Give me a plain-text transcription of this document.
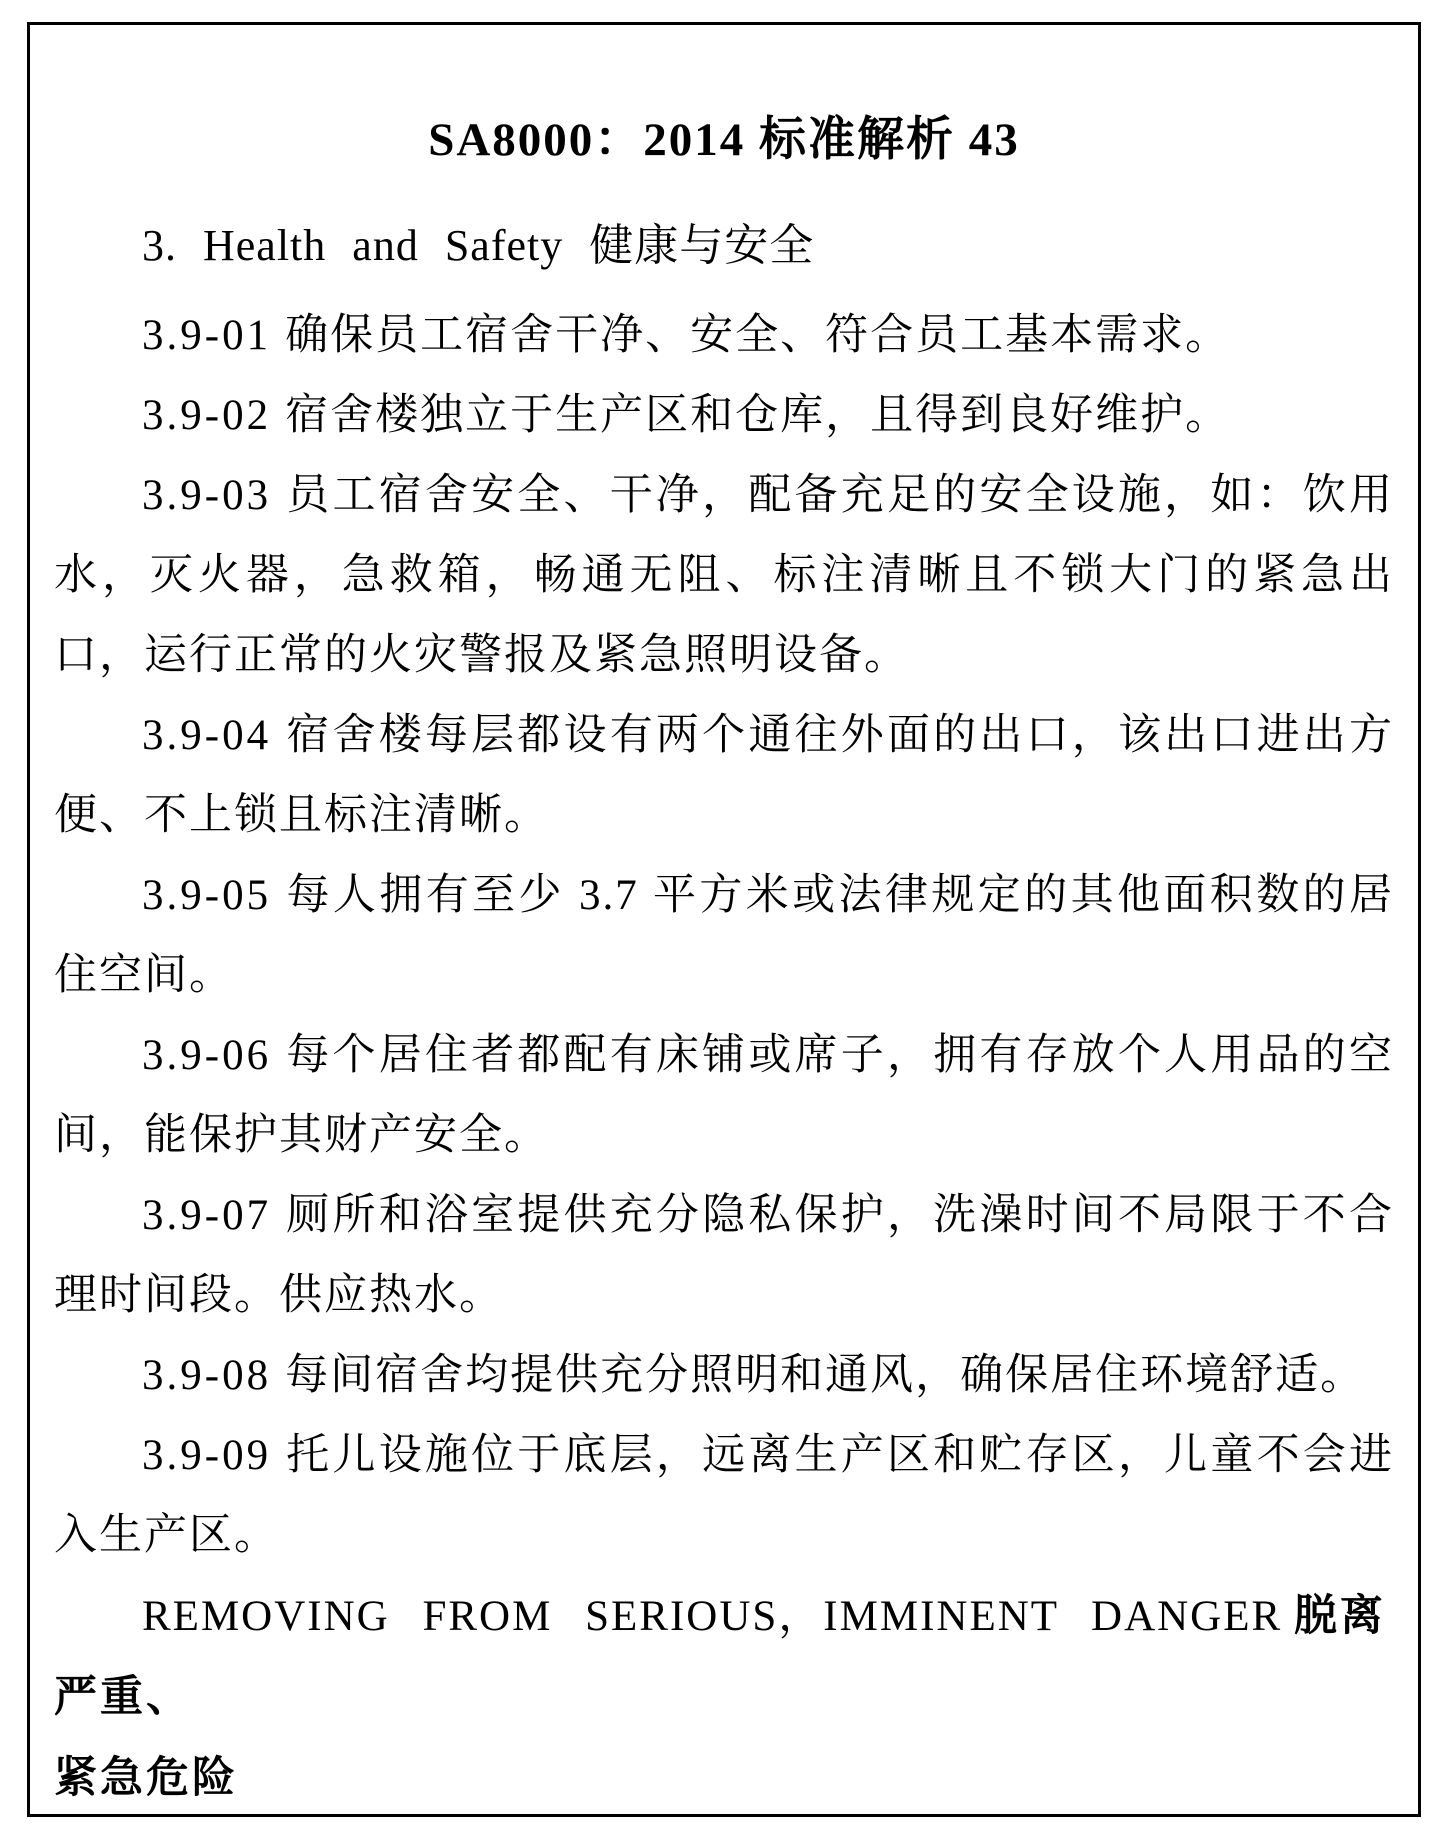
SA8000：2014 标准解析 43
3. Health and Safety 健康与安全

3.9-01 确保员工宿舍干净、安全、符合员工基本需求。

3.9-02 宿舍楼独立于生产区和仓库，且得到良好维护。

3.9-03 员工宿舍安全、干净，配备充足的安全设施，如：饮用水，灭火器，急救箱，畅通无阻、标注清晰且不锁大门的紧急出口，运行正常的火灾警报及紧急照明设备。

3.9-04 宿舍楼每层都设有两个通往外面的出口，该出口进出方便、不上锁且标注清晰。

3.9-05 每人拥有至少 3.7 平方米或法律规定的其他面积数的居住空间。

3.9-06 每个居住者都配有床铺或席子，拥有存放个人用品的空间，能保护其财产安全。

3.9-07 厕所和浴室提供充分隐私保护，洗澡时间不局限于不合理时间段。供应热水。

3.9-08 每间宿舍均提供充分照明和通风，确保居住环境舒适。

3.9-09 托儿设施位于底层，远离生产区和贮存区，儿童不会进入生产区。

REMOVING FROM SERIOUS，IMMINENT DANGER 脱离严重、
紧急危险
